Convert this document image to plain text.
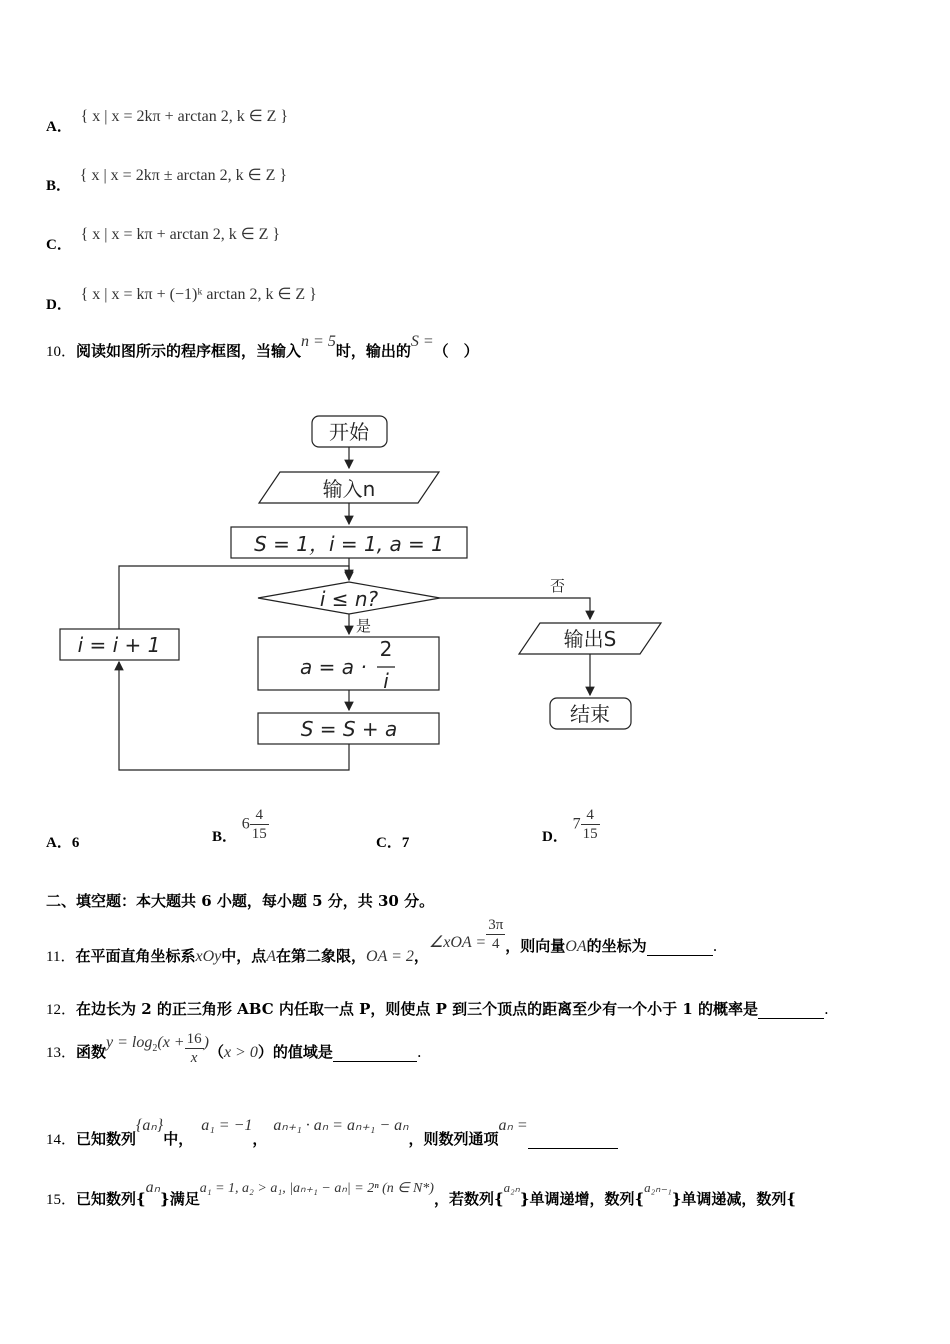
A． { x | x = 2kπ + arctan 2, k ∈ Z }
B． { x | x = 2kπ ± arctan 2, k ∈ Z }
C． { x | x = kπ + arctan 2, k ∈ Z }
D． { x | x = kπ + (−1)ᵏ arctan 2, k ∈ Z }
10．阅读如图所示的程序框图，当输入n = 5时，输出的S =（　）
开始
输入n
S = 1，i = 1, a = 1
i ≤ n?
是
否
a = a ·
2
i
S = S + a
i = i + 1	输出S
结束
A．6	B． $6 \frac{4}{15}$	C．7	D． $7 \frac{4}{15}$
二、填空题：本大题共 6 小题，每小题 5 分，共 30 分。
11．在平面直角坐标系xOy中，点A在第二象限，OA = 2，∠xOA = $\frac{3\pi}{4}$ ，则向量OA的坐标为	.
12．在边长为 2 的正三角形 ABC 内任取一点 P，则使点 P 到三个顶点的距离至少有一个小于 1 的概率是	.
13．函数$y = \log_2(x + \frac{16}{x} )(x > 0)$的值域是	.
14．已知数列{aₙ}中，a₁ = −1，aₙ₊₁ · aₙ = aₙ₊₁ − aₙ，则数列通项aₙ =
15．已知数列{aₙ}满足a₁ = 1, a₂ > a₁, |aₙ₊₁ − aₙ| = 2ⁿ (n ∈ N*)，若数列{a₂ₙ}单调递增，数列{a₂ₙ₋₁}单调递减，数列{
